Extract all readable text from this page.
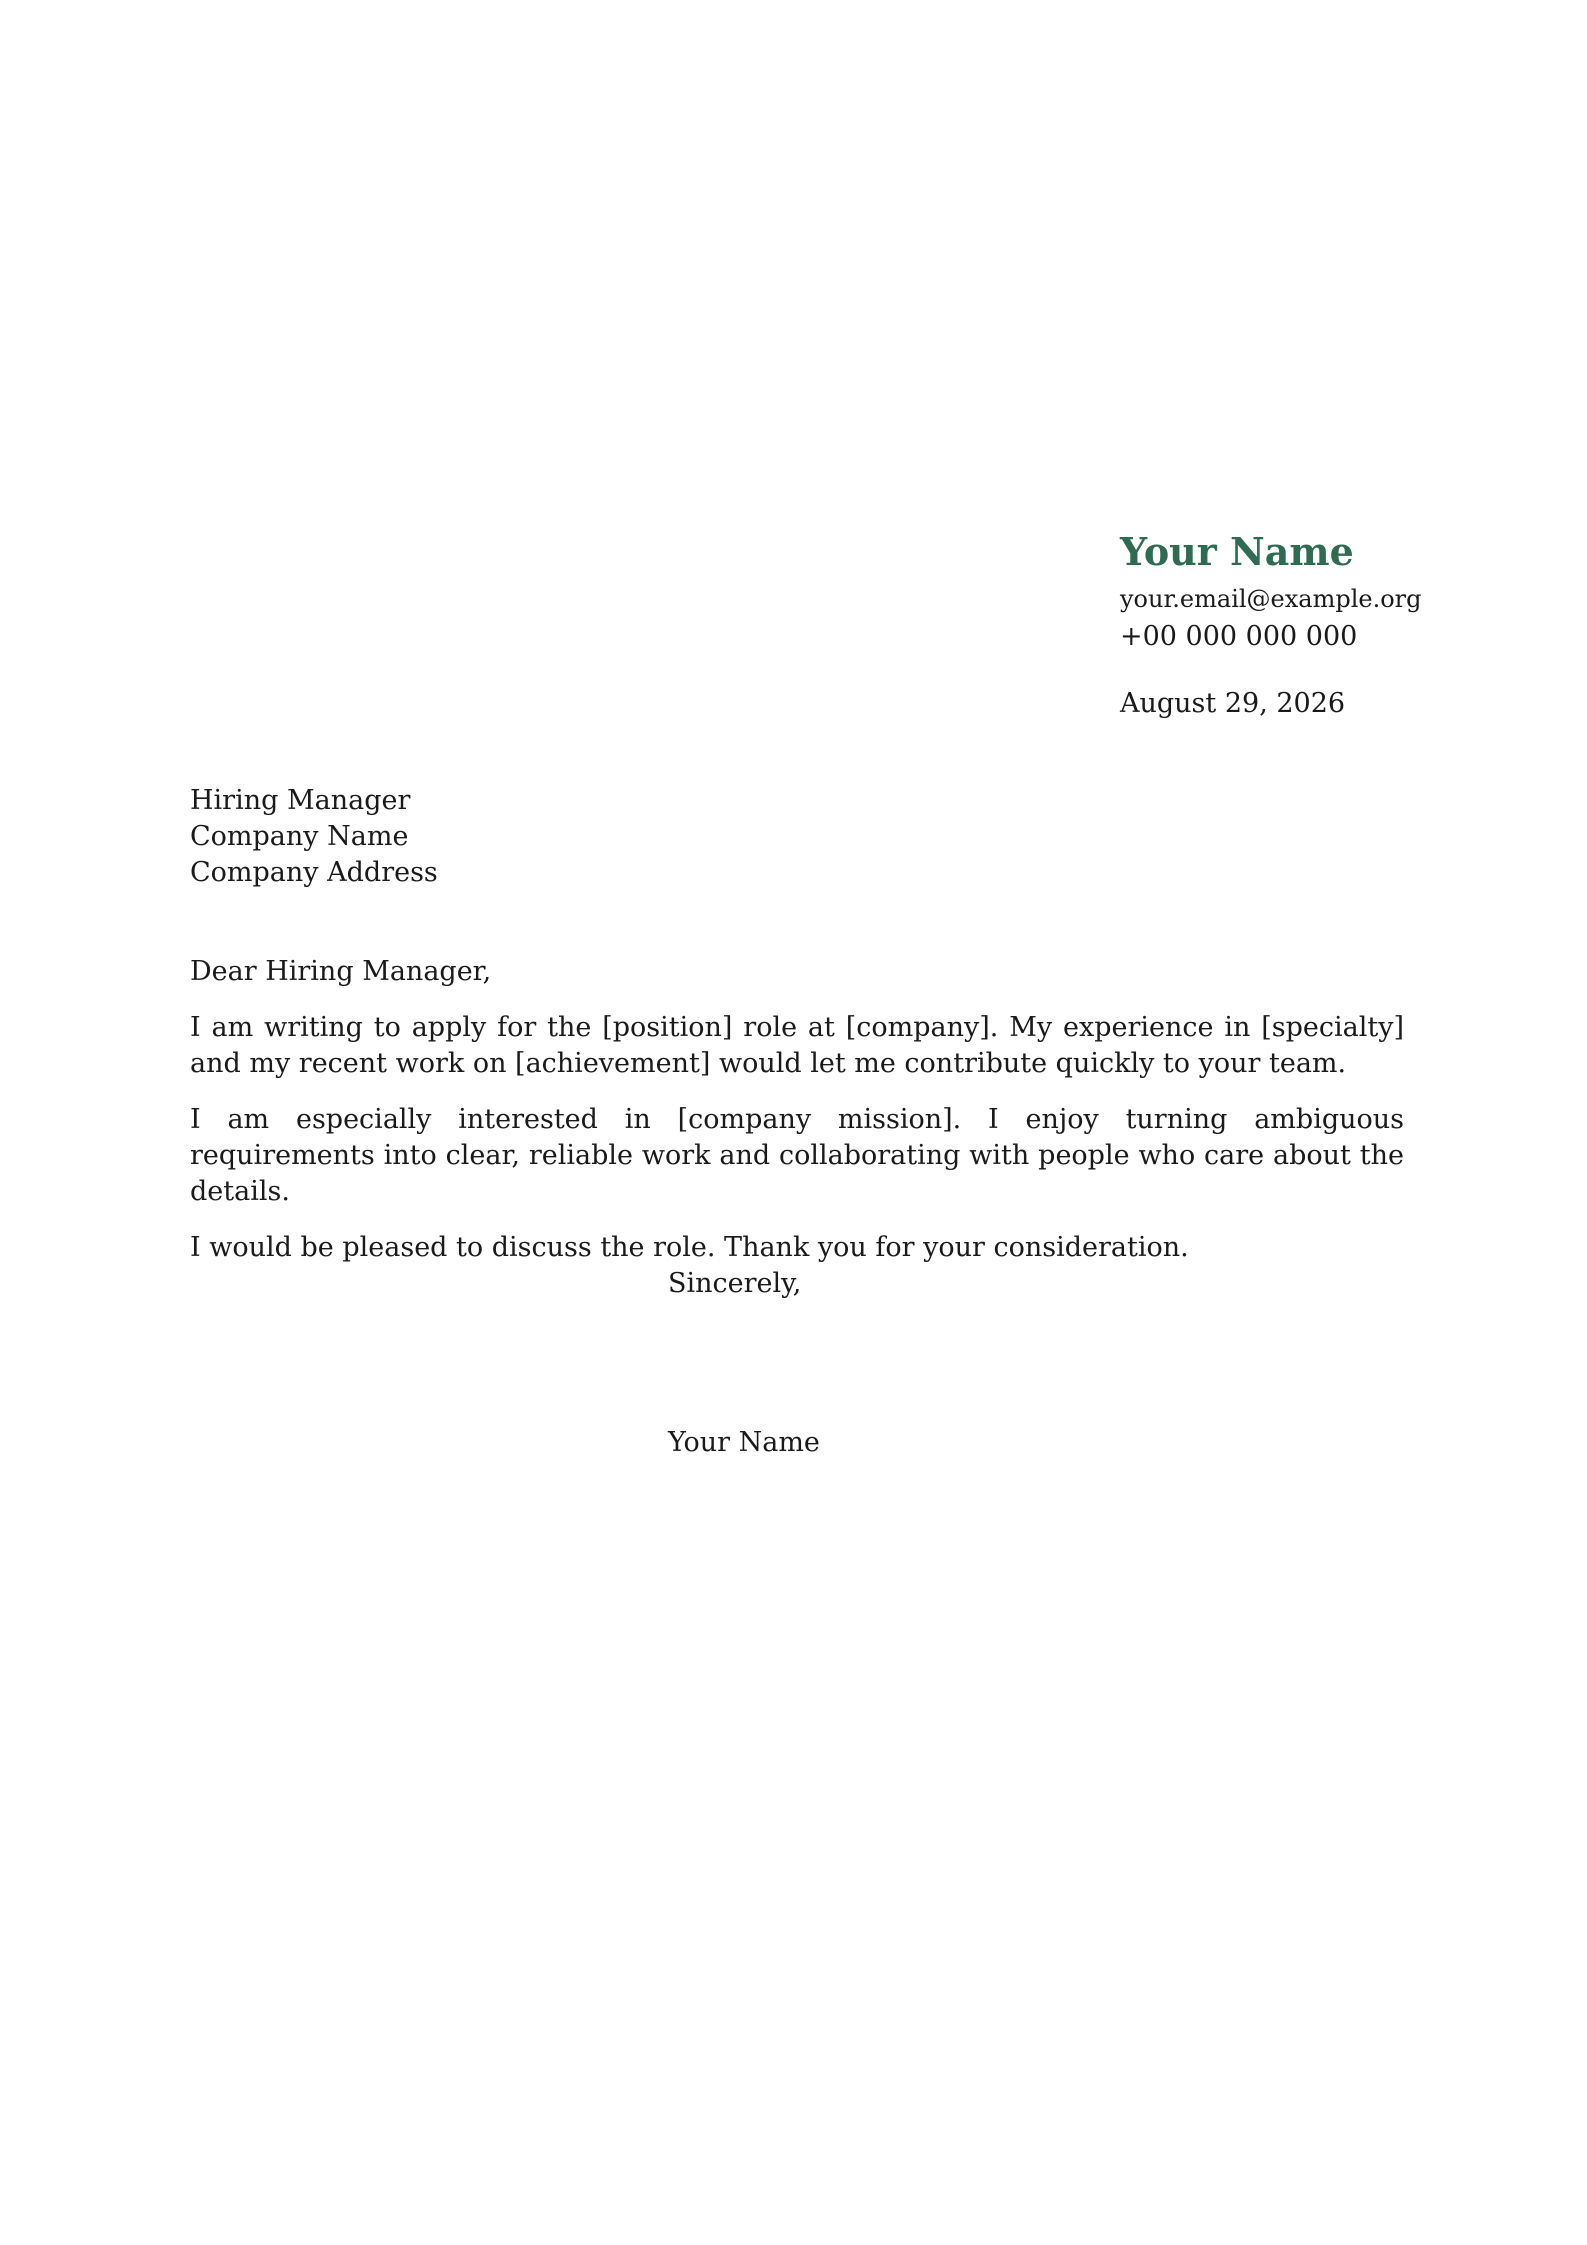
Your Name
your.email@example.org
+00 000 000 000
August 29, 2026
Hiring Manager
Company Name
Company Address
Dear Hiring Manager,

I am writing to apply for the [position] role at [company]. My experience in [specialty] and my recent work on [achievement] would let me contribute quickly to your team.

I am especially interested in [company mission]. I enjoy turning ambiguous requirements into clear, reliable work and collaborating with people who care about the details.

I would be pleased to discuss the role. Thank you for your consideration.

Sincerely,
Your Name
